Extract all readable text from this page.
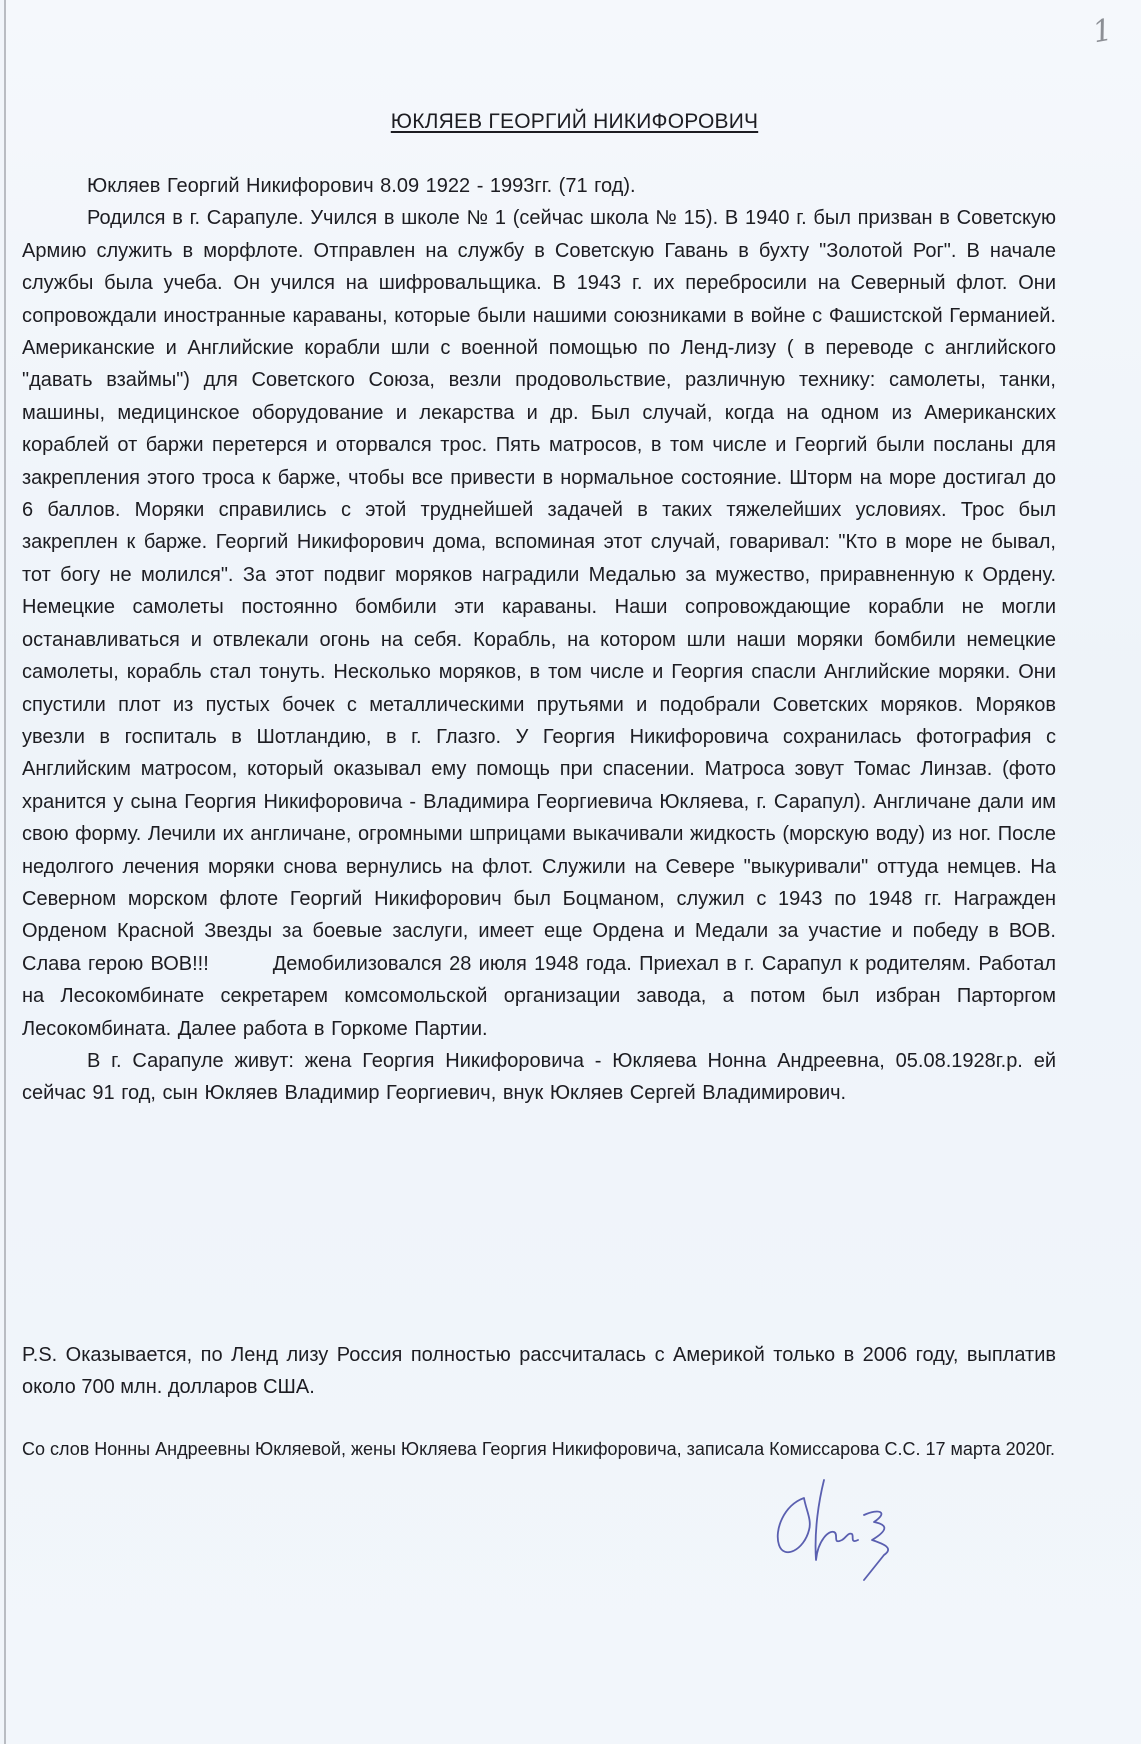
1
ЮКЛЯЕВ ГЕОРГИЙ НИКИФОРОВИЧ

Юкляев Георгий Никифорович 8.09 1922 - 1993гг. (71 год).

Родился в г. Сарапуле. Учился в школе № 1 (сейчас школа № 15). В 1940 г. был призван в Советскую Армию служить в морфлоте. Отправлен на службу в Советскую Гавань в бухту "Золотой Рог". В начале службы была учеба. Он учился на шифровальщика. В 1943 г. их перебросили на Северный флот. Они сопровождали иностранные караваны, которые были нашими союзниками в войне с Фашистской Германией. Американские и Английские корабли шли с военной помощью по Ленд-лизу ( в переводе с английского "давать взаймы") для Советского Союза, везли продовольствие, различную технику: самолеты, танки, машины, медицинское оборудование и лекарства и др. Был случай, когда на одном из Американских кораблей от баржи перетерся и оторвался трос. Пять матросов, в том числе и Георгий были посланы для закрепления этого троса к барже, чтобы все привести в нормальное состояние. Шторм на море достигал до 6 баллов. Моряки справились с этой труднейшей задачей в таких тяжелейших условиях. Трос был закреплен к барже. Георгий Никифорович дома, вспоминая этот случай, говаривал: "Кто в море не бывал, тот богу не молился". За этот подвиг моряков наградили Медалью за мужество, приравненную к Ордену. Немецкие самолеты постоянно бомбили эти караваны. Наши сопровождающие корабли не могли останавливаться и отвлекали огонь на себя. Корабль, на котором шли наши моряки бомбили немецкие самолеты, корабль стал тонуть. Несколько моряков, в том числе и Георгия спасли Английские моряки. Они спустили плот из пустых бочек с металлическими прутьями и подобрали Советских моряков. Моряков увезли в госпиталь в Шотландию, в г. Глазго. У Георгия Никифоровича сохранилась фотография с Английским матросом, который оказывал ему помощь при спасении. Матроса зовут Томас Линзав. (фото хранится у сына Георгия Никифоровича - Владимира Георгиевича Юкляева, г. Сарапул). Англичане дали им свою форму. Лечили их англичане, огромными шприцами выкачивали жидкость (морскую воду) из ног. После недолгого лечения моряки снова вернулись на флот. Служили на Севере "выкуривали" оттуда немцев. На Северном морском флоте Георгий Никифорович был Боцманом, служил с 1943 по 1948 гг. Награжден Орденом Красной Звезды за боевые заслуги, имеет еще Ордена и Медали за участие и победу в ВОВ. Слава герою ВОВ!!!	Демобилизовался 28 июля 1948 года. Приехал в г. Сарапул к родителям. Работал на Лесокомбинате секретарем комсомольской организации завода, а потом был избран Парторгом Лесокомбината. Далее работа в Горкоме Партии.

В г. Сарапуле живут: жена Георгия Никифоровича - Юкляева Нонна Андреевна, 05.08.1928г.р. ей сейчас 91 год, сын Юкляев Владимир Георгиевич, внук Юкляев Сергей Владимирович.

P.S. Оказывается, по Ленд лизу Россия полностью рассчиталась с Америкой только в 2006 году, выплатив около 700 млн. долларов США.
Со слов Нонны Андреевны Юкляевой, жены Юкляева Георгия Никифоровича, записала Комиссарова С.С. 17 марта 2020г.
